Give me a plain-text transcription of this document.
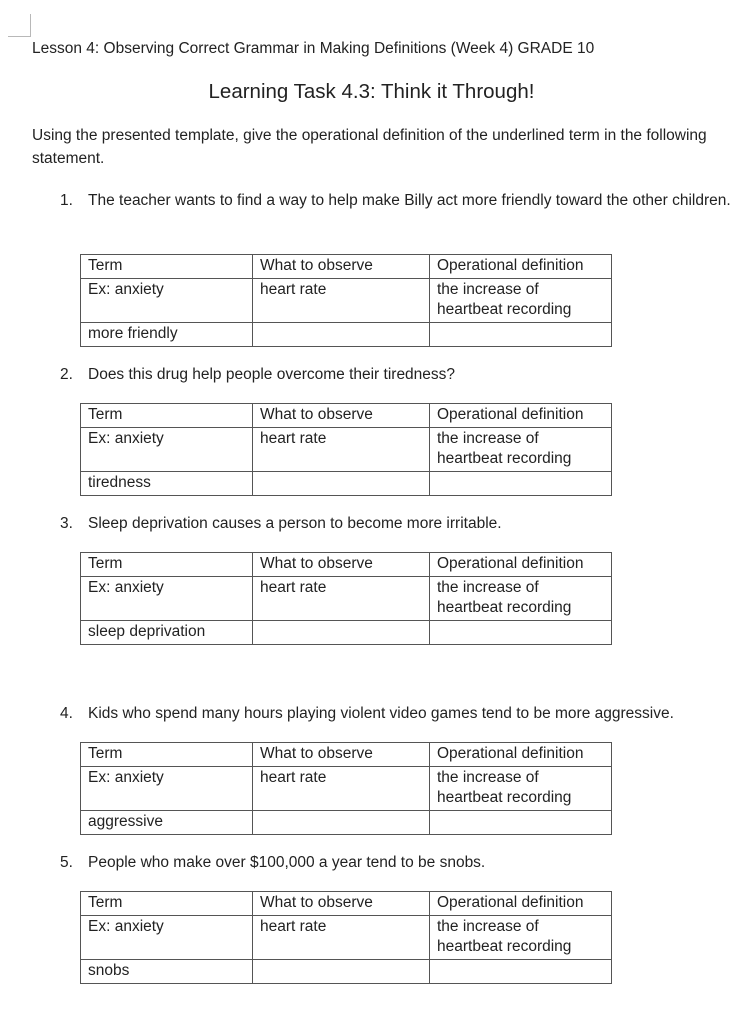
Lesson 4: Observing Correct Grammar in Making Definitions (Week 4) GRADE 10
Learning Task 4.3: Think it Through!
Using the presented template, give the operational definition of the underlined term in the following statement.
1. The teacher wants to find a way to help make Billy act more friendly toward the other children.
Term	What to observe	Operational definition
Ex: anxiety	heart rate	the increase of heartbeat recording
more friendly		
2. Does this drug help people overcome their tiredness?
Term	What to observe	Operational definition
Ex: anxiety	heart rate	the increase of heartbeat recording
tiredness		
3. Sleep deprivation causes a person to become more irritable.
Term	What to observe	Operational definition
Ex: anxiety	heart rate	the increase of heartbeat recording
sleep deprivation		
4. Kids who spend many hours playing violent video games tend to be more aggressive.
Term	What to observe	Operational definition
Ex: anxiety	heart rate	the increase of heartbeat recording
aggressive		
5. People who make over $100,000 a year tend to be snobs.
Term	What to observe	Operational definition
Ex: anxiety	heart rate	the increase of heartbeat recording
snobs		
